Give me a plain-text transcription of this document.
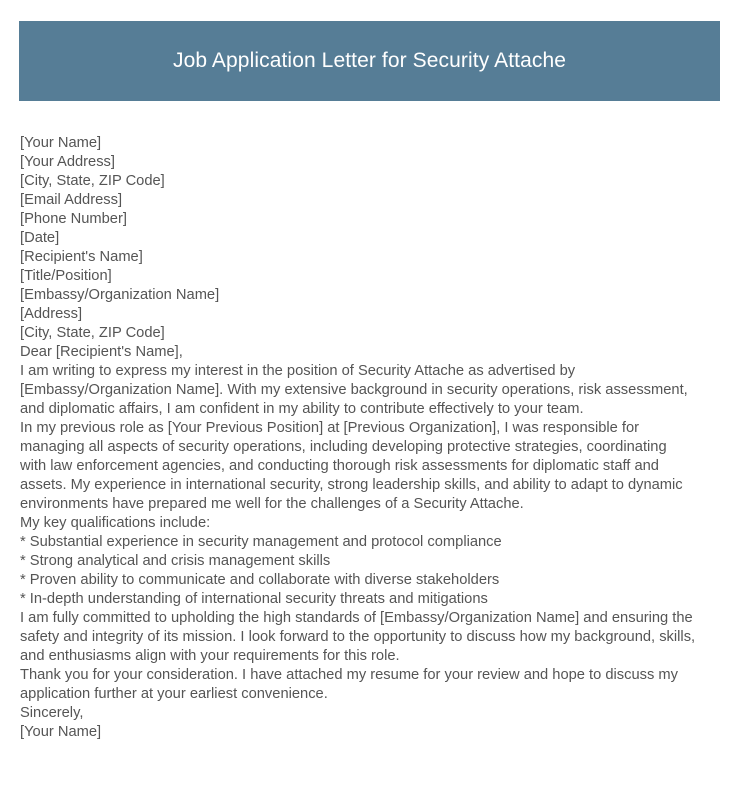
Job Application Letter for Security Attache

[Your Name]

[Your Address]

[City, State, ZIP Code]

[Email Address]

[Phone Number]

[Date]

[Recipient's Name]

[Title/Position]

[Embassy/Organization Name]

[Address]

[City, State, ZIP Code]

Dear [Recipient's Name],

I am writing to express my interest in the position of Security Attache as advertised by [Embassy/Organization Name]. With my extensive background in security operations, risk assessment, and diplomatic affairs, I am confident in my ability to contribute effectively to your team.

In my previous role as [Your Previous Position] at [Previous Organization], I was responsible for managing all aspects of security operations, including developing protective strategies, coordinating with law enforcement agencies, and conducting thorough risk assessments for diplomatic staff and assets. My experience in international security, strong leadership skills, and ability to adapt to dynamic environments have prepared me well for the challenges of a Security Attache.

My key qualifications include:

* Substantial experience in security management and protocol compliance

* Strong analytical and crisis management skills

* Proven ability to communicate and collaborate with diverse stakeholders

* In-depth understanding of international security threats and mitigations

I am fully committed to upholding the high standards of [Embassy/Organization Name] and ensuring the safety and integrity of its mission. I look forward to the opportunity to discuss how my background, skills, and enthusiasms align with your requirements for this role.

Thank you for your consideration. I have attached my resume for your review and hope to discuss my application further at your earliest convenience.

Sincerely,

[Your Name]
